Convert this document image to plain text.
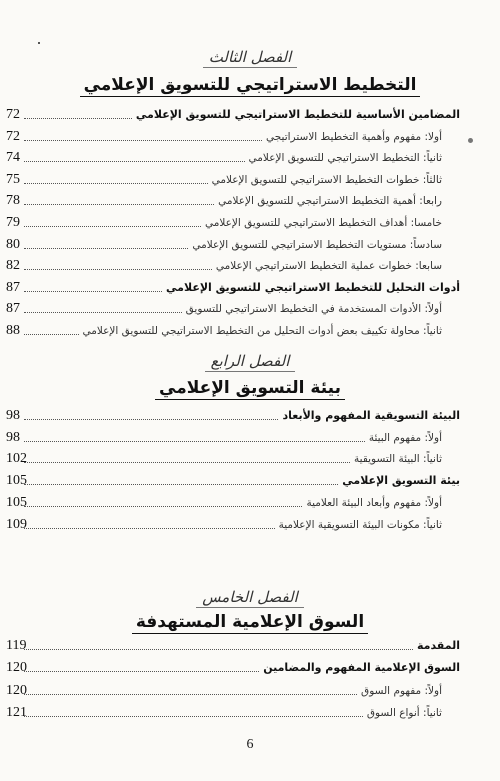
الفصل الثالث
التخطيط الاستراتيجي للتسويق الإعلامي
المضامين الأساسية للتخطيط الاستراتيجي للتسويق الإعلامي
72
أولا: مفهوم وأهمية التخطيط الاستراتيجي
72
ثانياً: التخطيط الاستراتيجي للتسويق الإعلامي
74
ثالثاً: خطوات التخطيط الاستراتيجي للتسويق الإعلامي
75
رابعا: أهمية التخطيط الاستراتيجي للتسويق الإعلامي
78
خامسا: أهداف التخطيط الاستراتيجي للتسويق الإعلامي
79
سادساً: مستويات التخطيط الاستراتيجي للتسويق الإعلامي
80
سابعا: خطوات عملية التخطيط الاستراتيجي الإعلامي
82
أدوات التحليل للتخطيط الاستراتيجي للتسويق الإعلامي
87
أولاً: الأدوات المستخدمة في التخطيط الاستراتيجي للتسويق
87
ثانياً: محاولة تكييف بعض أدوات التحليل من التخطيط الاستراتيجي للتسويق الإعلامي
88
الفصل الرابع
بيئة التسويق الإعلامي
البيئة التسويقية المفهوم والأبعاد
98
أولاً: مفهوم البيئة
98
ثانياً: البيئة التسويقية
102
بيئة التسويق الإعلامي
105
أولاً: مفهوم وأبعاد البيئة العلامية
105
ثانياً: مكونات البيئة التسويقية الإعلامية
109
الفصل الخامس
السوق الإعلامية المستهدفة
المقدمة
119
السوق الإعلامية المفهوم والمضامين
120
أولاً: مفهوم السوق
120
ثانياً: أنواع السوق
121
6
